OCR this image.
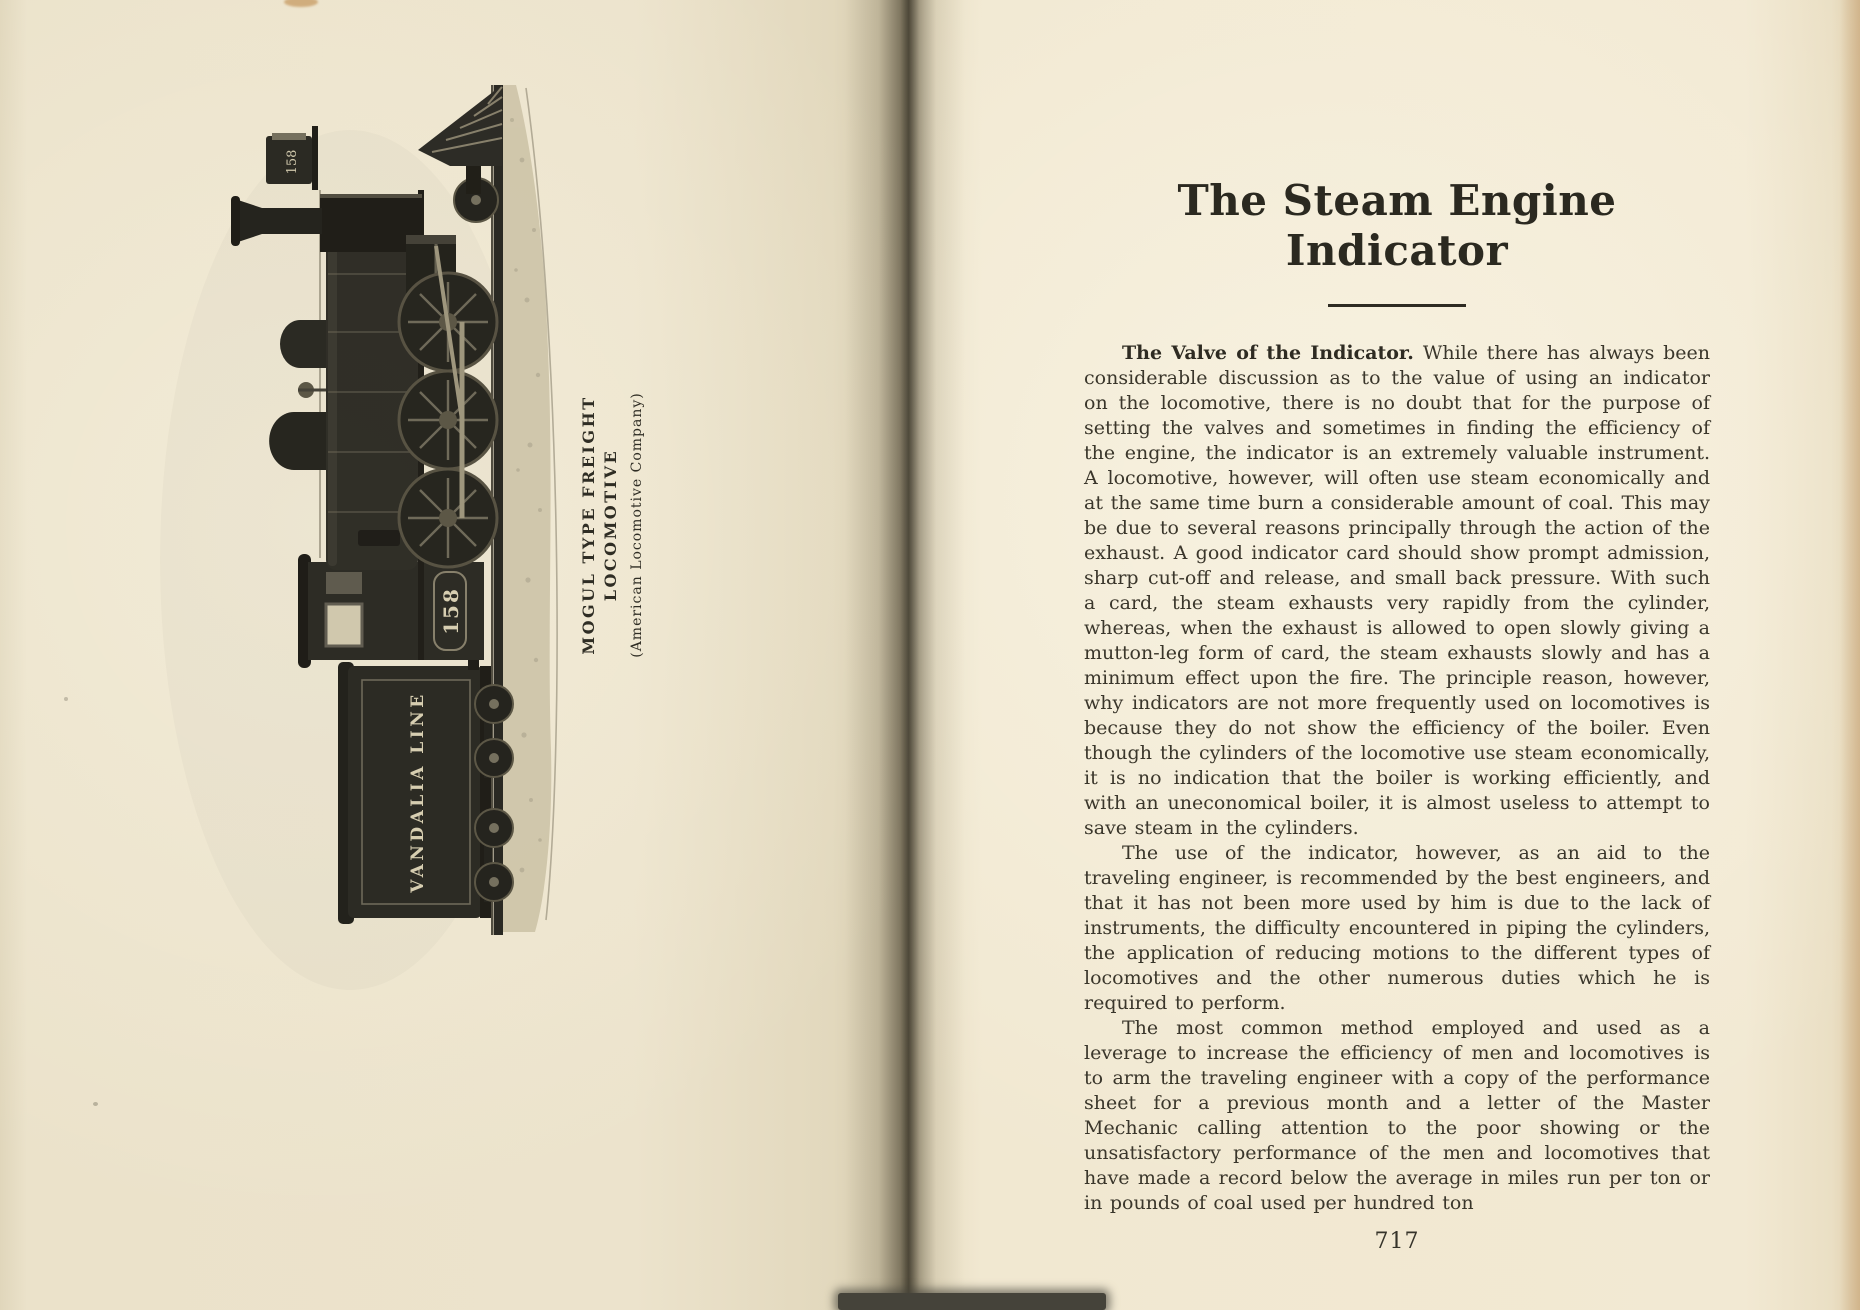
VANDALIA LINE
158
158
MOGUL TYPE FREIGHT LOCOMOTIVE (American Locomotive Company)
The Steam Engine Indicator

The Valve of the Indicator. While there has always been considerable discussion as to the value of using an indicator on the locomotive, there is no doubt that for the purpose of setting the valves and sometimes in finding the efficiency of the engine, the indicator is an extremely valuable instrument. A locomotive, however, will often use steam economically and at the same time burn a considerable amount of coal. This may be due to several reasons principally through the action of the exhaust. A good indicator card should show prompt admission, sharp cut-off and release, and small back pressure. With such a card, the steam exhausts very rapidly from the cylinder, whereas, when the exhaust is allowed to open slowly giving a mutton-leg form of card, the steam exhausts slowly and has a minimum effect upon the fire. The principle reason, however, why indicators are not more frequently used on locomotives is because they do not show the efficiency of the boiler. Even though the cylinders of the locomotive use steam economically, it is no indication that the boiler is working efficiently, and with an uneconomical boiler, it is almost useless to attempt to save steam in the cylinders.

The use of the indicator, however, as an aid to the traveling engineer, is recommended by the best engineers, and that it has not been more used by him is due to the lack of instruments, the difficulty encountered in piping the cylinders, the application of reducing motions to the different types of locomotives and the other numerous duties which he is required to perform.

The most common method employed and used as a leverage to increase the efficiency of men and locomotives is to arm the traveling engineer with a copy of the performance sheet for a previous month and a letter of the Master Mechanic calling attention to the poor showing or the unsatisfactory performance of the men and locomotives that have made a record below the average in miles run per ton or in pounds of coal used per hundred ton

717
